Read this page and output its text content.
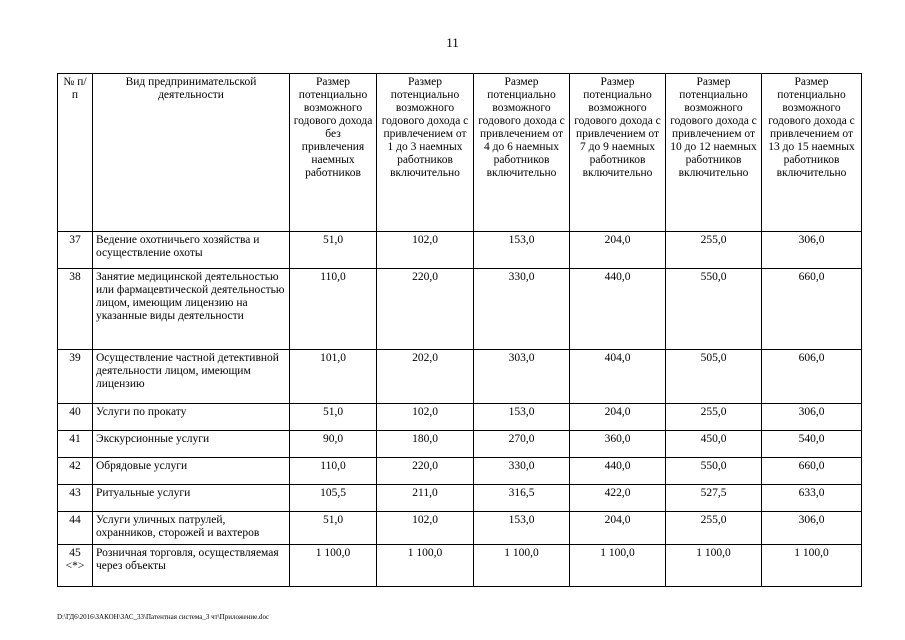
11
№ п/п	Вид предпринимательской деятельности	Размер потенциально возможного годового дохода без привлечения наемных работников	Размер потенциально возможного годового дохода с привлечением от 1 до 3 наемных работников включительно	Размер потенциально возможного годового дохода с привлечением от 4 до 6 наемных работников включительно	Размер потенциально возможного годового дохода с привлечением от 7 до 9 наемных работников включительно	Размер потенциально возможного годового дохода с привлечением от 10 до 12 наемных работников включительно	Размер потенциально возможного годового дохода с привлечением от 13 до 15 наемных работников включительно
37	Ведение охотничьего хозяйства и осуществление охоты	51,0	102,0	153,0	204,0	255,0	306,0
38	Занятие медицинской деятельностью или фармацевтической деятельностью лицом, имеющим лицензию на указанные виды деятельности	110,0	220,0	330,0	440,0	550,0	660,0
39	Осуществление частной детективной деятельности лицом, имеющим лицензию	101,0	202,0	303,0	404,0	505,0	606,0
40	Услуги по прокату	51,0	102,0	153,0	204,0	255,0	306,0
41	Экскурсионные услуги	90,0	180,0	270,0	360,0	450,0	540,0
42	Обрядовые услуги	110,0	220,0	330,0	440,0	550,0	660,0
43	Ритуальные услуги	105,5	211,0	316,5	422,0	527,5	633,0
44	Услуги уличных патрулей, охранников, сторожей и вахтеров	51,0	102,0	153,0	204,0	255,0	306,0
45 <*>	Розничная торговля, осуществляемая через объекты	1 100,0	1 100,0	1 100,0	1 100,0	1 100,0	1 100,0
D:\ГД6\2016\ЗАКОН\ЗАС_33\Патентная система_3 чт\Приложение.doc
